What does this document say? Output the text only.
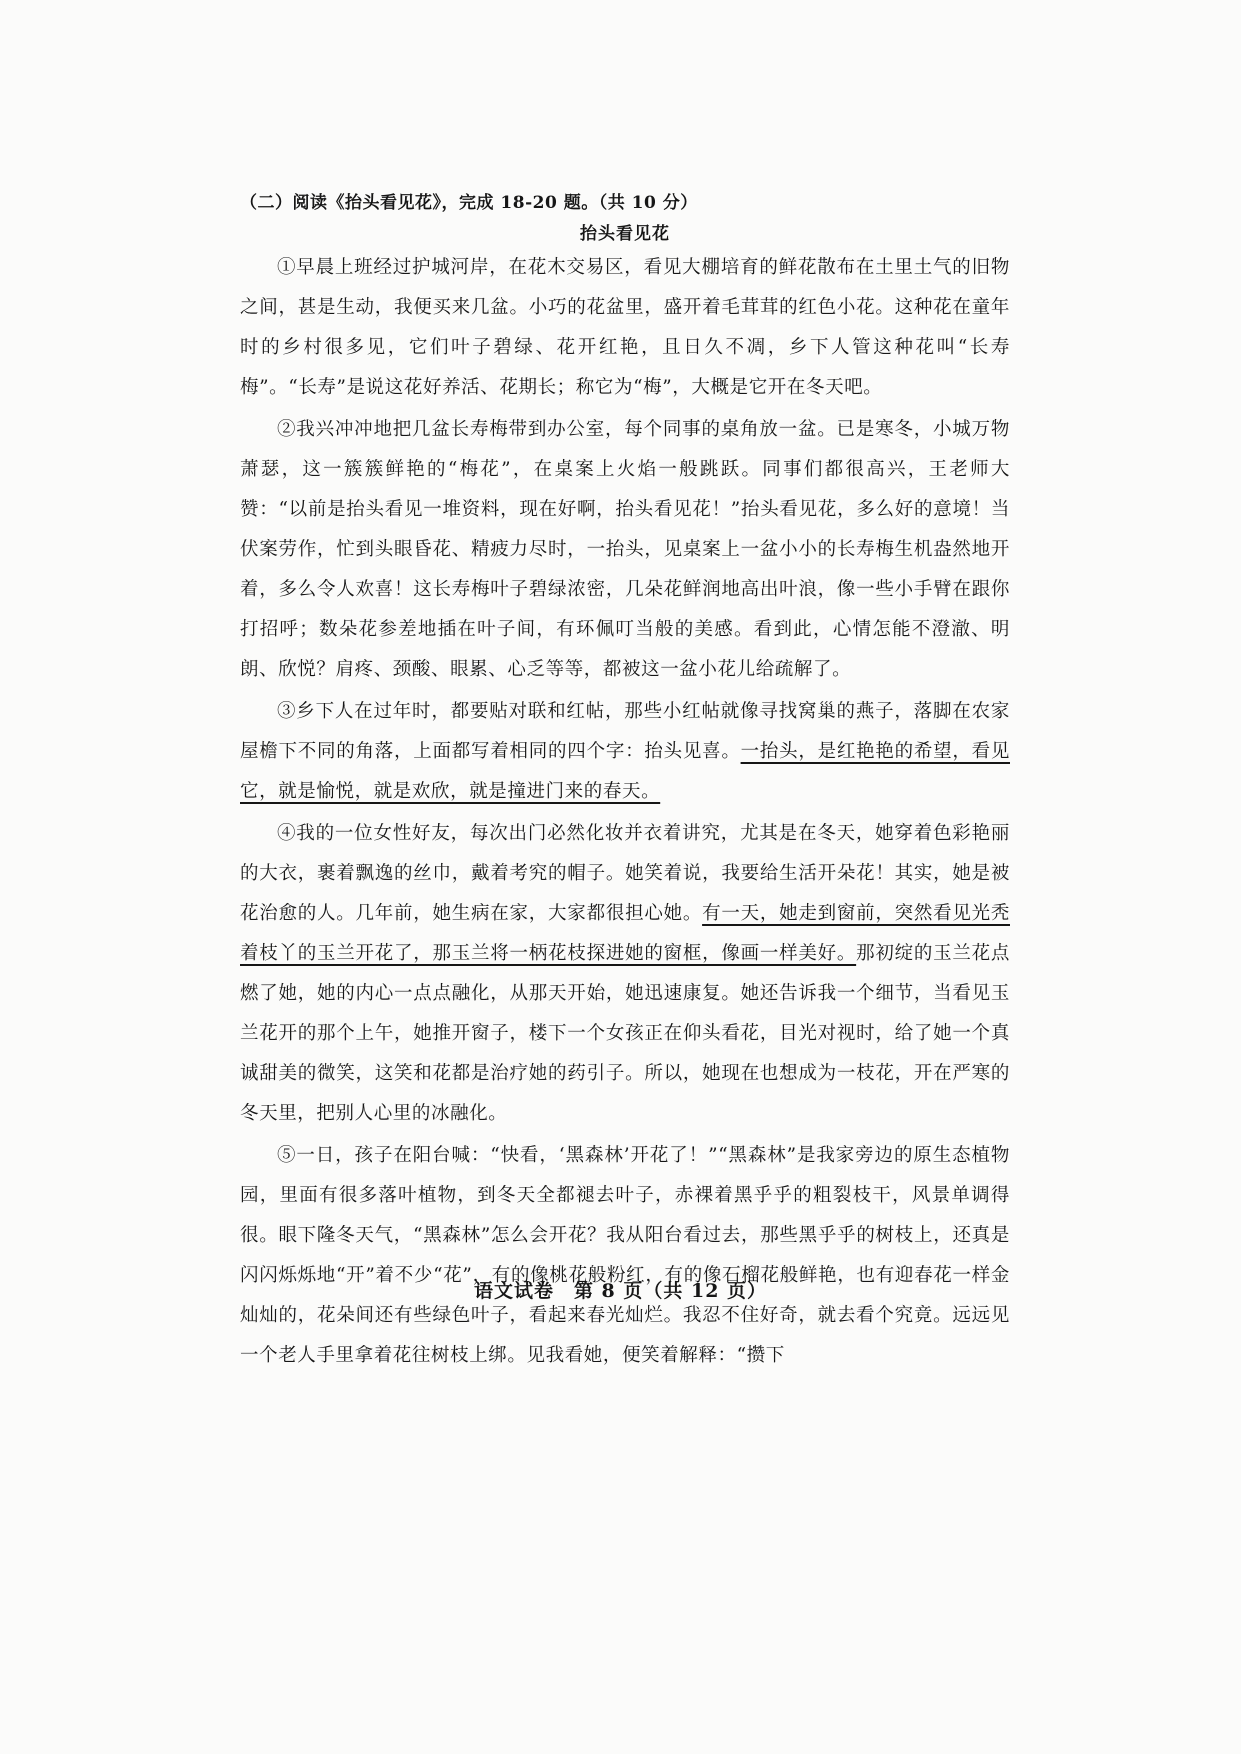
（二）阅读《抬头看见花》，完成 18-20 题。（共 10 分）
抬头看见花

①早晨上班经过护城河岸，在花木交易区，看见大棚培育的鲜花散布在土里土气的旧物之间，甚是生动，我便买来几盆。小巧的花盆里，盛开着毛茸茸的红色小花。这种花在童年时的乡村很多见，它们叶子碧绿、花开红艳，且日久不凋，乡下人管这种花叫“长寿梅”。“长寿”是说这花好养活、花期长；称它为“梅”，大概是它开在冬天吧。

②我兴冲冲地把几盆长寿梅带到办公室，每个同事的桌角放一盆。已是寒冬，小城万物萧瑟，这一簇簇鲜艳的“梅花”，在桌案上火焰一般跳跃。同事们都很高兴，王老师大赞：“以前是抬头看见一堆资料，现在好啊，抬头看见花！”抬头看见花，多么好的意境！当伏案劳作，忙到头眼昏花、精疲力尽时，一抬头，见桌案上一盆小小的长寿梅生机盎然地开着，多么令人欢喜！这长寿梅叶子碧绿浓密，几朵花鲜润地高出叶浪，像一些小手臂在跟你打招呼；数朵花参差地插在叶子间，有环佩叮当般的美感。看到此，心情怎能不澄澈、明朗、欣悦？肩疼、颈酸、眼累、心乏等等，都被这一盆小花儿给疏解了。

③乡下人在过年时，都要贴对联和红帖，那些小红帖就像寻找窝巢的燕子，落脚在农家屋檐下不同的角落，上面都写着相同的四个字：抬头见喜。一抬头，是红艳艳的希望，看见它，就是愉悦，就是欢欣，就是撞进门来的春天。

④我的一位女性好友，每次出门必然化妆并衣着讲究，尤其是在冬天，她穿着色彩艳丽的大衣，裹着飘逸的丝巾，戴着考究的帽子。她笑着说，我要给生活开朵花！其实，她是被花治愈的人。几年前，她生病在家，大家都很担心她。有一天，她走到窗前，突然看见光秃着枝丫的玉兰开花了，那玉兰将一柄花枝探进她的窗框，像画一样美好。那初绽的玉兰花点燃了她，她的内心一点点融化，从那天开始，她迅速康复。她还告诉我一个细节，当看见玉兰花开的那个上午，她推开窗子，楼下一个女孩正在仰头看花，目光对视时，给了她一个真诚甜美的微笑，这笑和花都是治疗她的药引子。所以，她现在也想成为一枝花，开在严寒的冬天里，把别人心里的冰融化。

⑤一日，孩子在阳台喊：“快看，‘黑森林’开花了！”“黑森林”是我家旁边的原生态植物园，里面有很多落叶植物，到冬天全都褪去叶子，赤裸着黑乎乎的粗裂枝干，风景单调得很。眼下隆冬天气，“黑森林”怎么会开花？我从阳台看过去，那些黑乎乎的树枝上，还真是闪闪烁烁地“开”着不少“花”，有的像桃花般粉红，有的像石榴花般鲜艳，也有迎春花一样金灿灿的，花朵间还有些绿色叶子，看起来春光灿烂。我忍不住好奇，就去看个究竟。远远见一个老人手里拿着花往树枝上绑。见我看她，便笑着解释：“攒下

语文试卷　第 8 页（共 12 页）
